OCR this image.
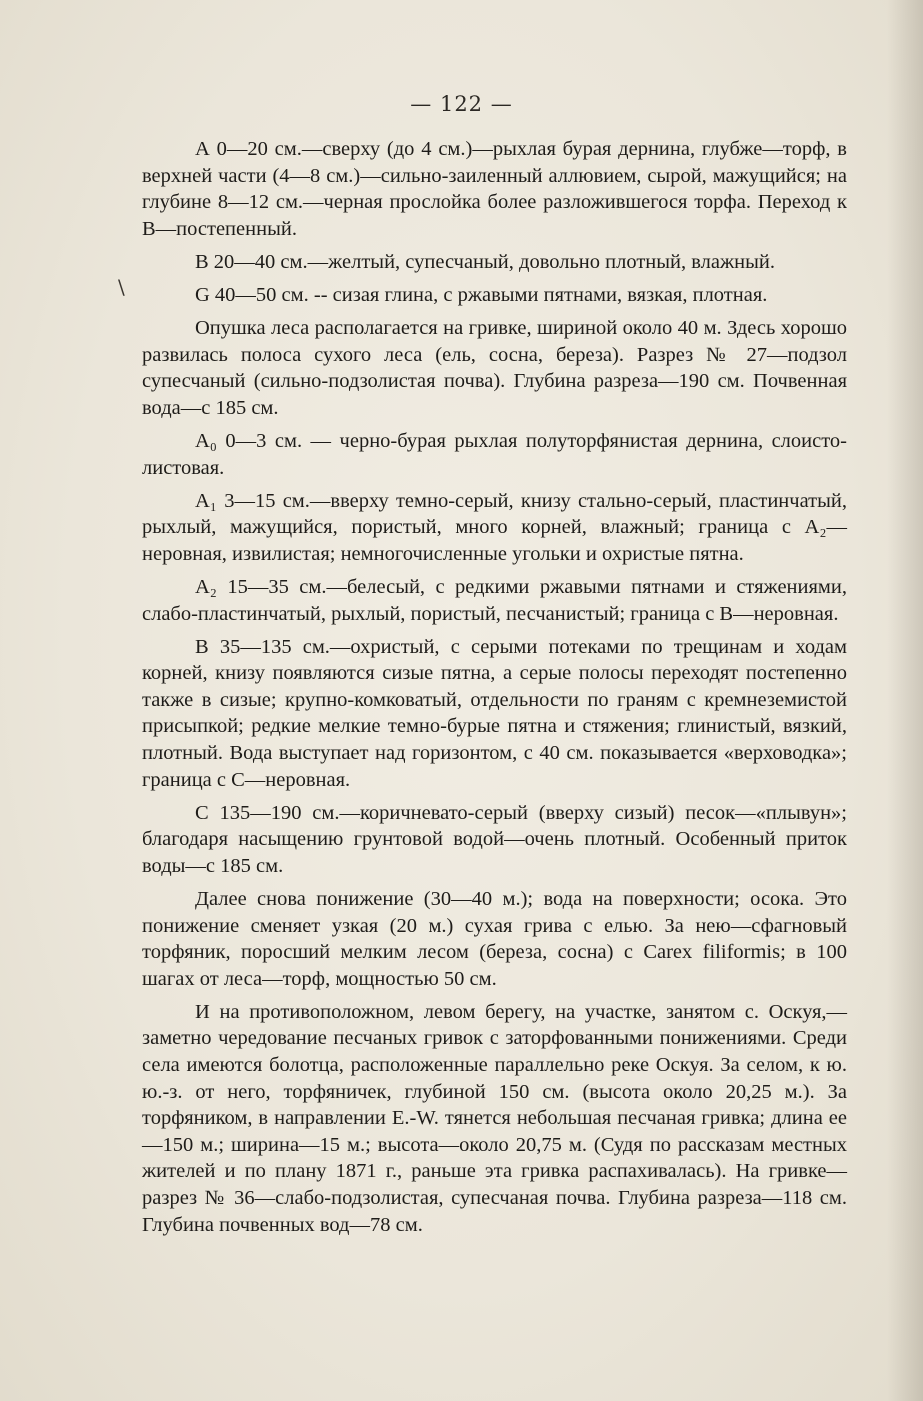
— 122 —
\

А 0—20 см.—сверху (до 4 см.)—рыхлая бурая дернина, глубже—торф, в верхней части (4—8 см.)—сильно-заиленный аллювием, сырой, мажущийся; на глубине 8—12 см.—черная прослойка более разложившегося торфа. Переход к В—постепенный.

В 20—40 см.—желтый, супесчаный, довольно плотный, влажный.

G 40—50 см. -- сизая глина, с ржавыми пятнами, вязкая, плотная.

Опушка леса располагается на гривке, шириной около 40 м. Здесь хорошо развилась полоса сухого леса (ель, сосна, береза). Разрез № 27—подзол супесчаный (сильно-подзолистая почва). Глубина разреза—190 см. Почвенная вода—с 185 см.

A₀ 0—3 см. — черно-бурая рыхлая полуторфянистая дернина, слоисто-листовая.

A₁ 3—15 см.—вверху темно-серый, книзу стально-серый, пластинчатый, рыхлый, мажущийся, пористый, много корней, влажный; граница с A₂—неровная, извилистая; немногочисленные угольки и охристые пятна.

A₂ 15—35 см.—белесый, с редкими ржавыми пятнами и стяжениями, слабо-пластинчатый, рыхлый, пористый, песчанистый; граница с В—неровная.

В 35—135 см.—охристый, с серыми потеками по трещинам и ходам корней, книзу появляются сизые пятна, а серые полосы переходят постепенно также в сизые; крупно-комковатый, отдельности по граням с кремнеземистой присыпкой; редкие мелкие темно-бурые пятна и стяжения; глинистый, вязкий, плотный. Вода выступает над горизонтом, с 40 см. показывается «верховодка»; граница с С—неровная.

С 135—190 см.—коричневато-серый (вверху сизый) песок—«плывун»; благодаря насыщению грунтовой водой—очень плотный. Особенный приток воды—с 185 см.

Далее снова понижение (30—40 м.); вода на поверхности; осока. Это понижение сменяет узкая (20 м.) сухая грива с елью. За нею—сфагновый торфяник, поросший мелким лесом (береза, сосна) с Carex filiformis; в 100 шагах от леса—торф, мощностью 50 см.

И на противоположном, левом берегу, на участке, занятом с. Оскуя,—заметно чередование песчаных гривок с заторфованными понижениями. Среди села имеются болотца, расположенные параллельно реке Оскуя. За селом, к ю. ю.-з. от него, торфяничек, глубиной 150 см. (высота около 20,25 м.). За торфяником, в направлении E.-W. тянется небольшая песчаная гривка; длина ее—150 м.; ширина—15 м.; высота—около 20,75 м. (Судя по рассказам местных жителей и по плану 1871 г., раньше эта гривка распахивалась). На гривке—разрез № 36—слабо-подзолистая, супесчаная почва. Глубина разреза—118 см. Глубина почвенных вод—78 см.
